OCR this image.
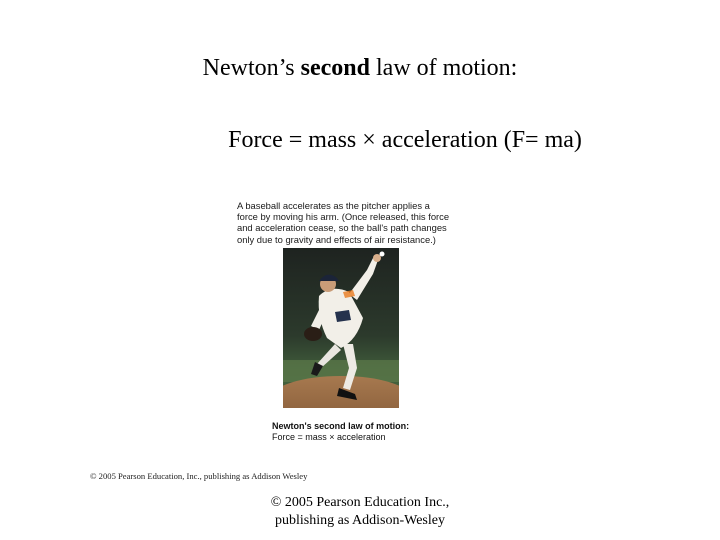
Newton’s second law of motion:
Force = mass × acceleration (F= ma)
A baseball accelerates as the pitcher applies a force by moving his arm. (Once released, this force and acceleration cease, so the ball's path changes only due to gravity and effects of air resistance.)
Newton's second law of motion:
Force = mass × acceleration
© 2005 Pearson Education, Inc., publishing as Addison Wesley
© 2005 Pearson Education Inc.,
publishing as Addison-Wesley
